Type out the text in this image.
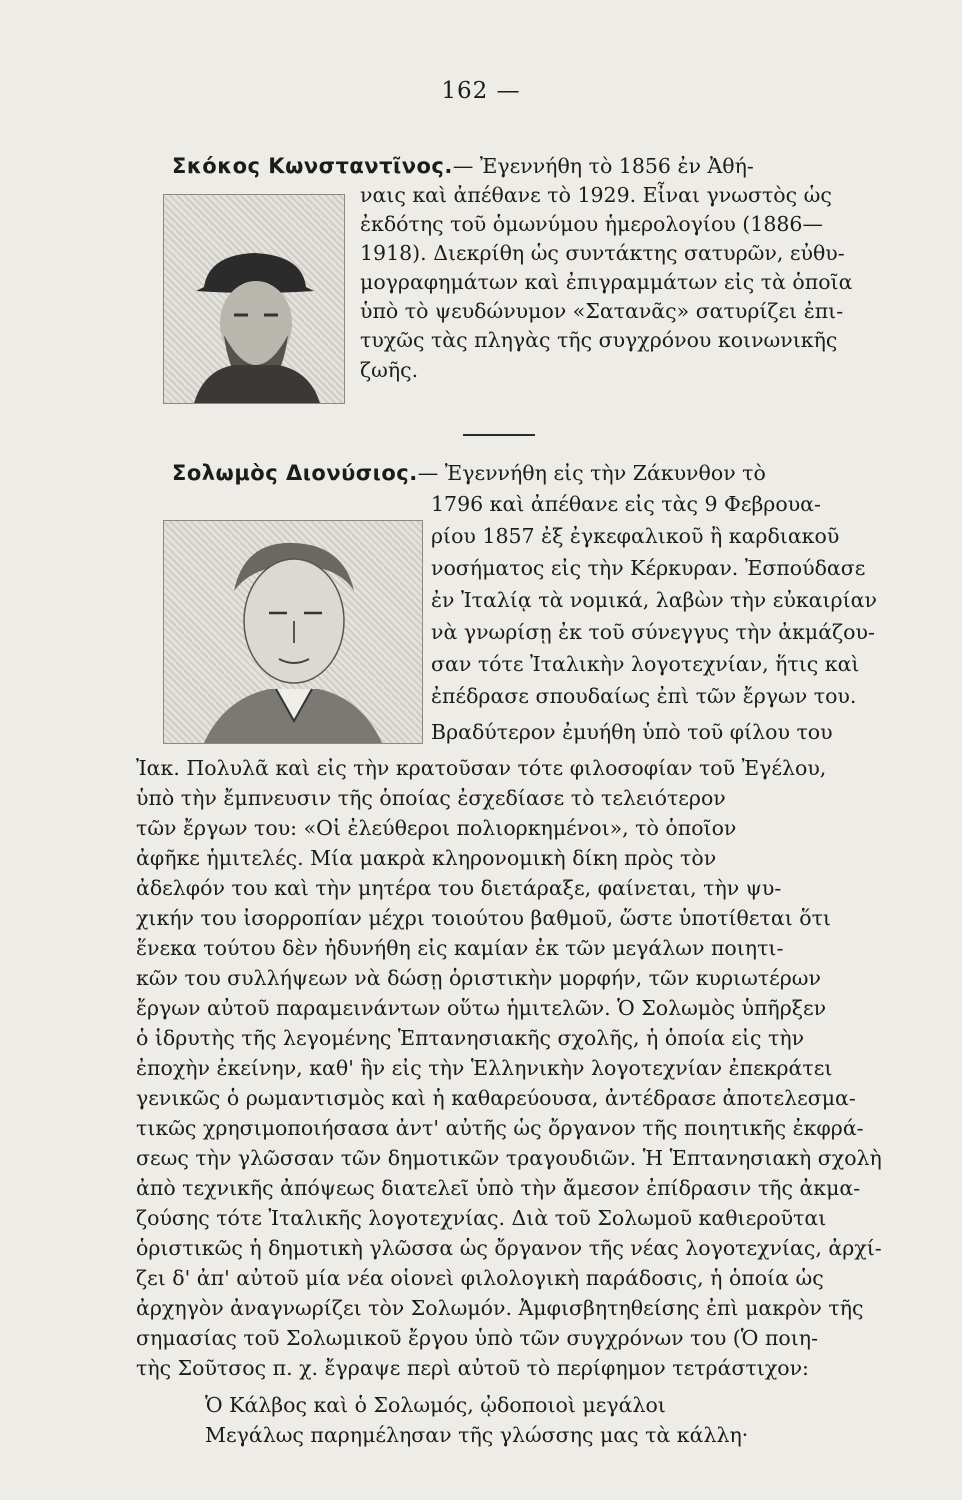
162 —
Σκόκος Κωνσταντῖνος.— Ἐγεννήθη τὸ 1856 ἐν Ἀθή-
ναις καὶ ἀπέθανε τὸ 1929. Εἶναι γνωστὸς ὡς
ἐκδότης τοῦ ὁμωνύμου ἡμερολογίου (1886—
1918). Διεκρίθη ὡς συντάκτης σατυρῶν, εὐθυ-
μογραφημάτων καὶ ἐπιγραμμάτων εἰς τὰ ὁποῖα
ὑπὸ τὸ ψευδώνυμον «Σατανᾶς» σατυρίζει ἐπι-
τυχῶς τὰς πληγὰς τῆς συγχρόνου κοινωνικῆς
ζωῆς.
Σολωμὸς Διονύσιος.— Ἐγεννήθη εἰς τὴν Ζάκυνθον τὸ
1796 καὶ ἀπέθανε εἰς τὰς 9 Φεβρουα-
ρίου 1857 ἐξ ἐγκεφαλικοῦ ἢ καρδιακοῦ
νοσήματος εἰς τὴν Κέρκυραν. Ἐσπούδασε
ἐν Ἰταλίᾳ τὰ νομικά, λαβὼν τὴν εὐκαιρίαν
νὰ γνωρίσῃ ἐκ τοῦ σύνεγγυς τὴν ἀκμάζου-
σαν τότε Ἰταλικὴν λογοτεχνίαν, ἥτις καὶ
ἐπέδρασε σπουδαίως ἐπὶ τῶν ἔργων του.
Βραδύτερον ἐμυήθη ὑπὸ τοῦ φίλου του
Ἰακ. Πολυλᾶ καὶ εἰς τὴν κρατοῦσαν τότε φιλοσοφίαν τοῦ Ἐγέλου,
ὑπὸ τὴν ἔμπνευσιν τῆς ὁποίας ἐσχεδίασε τὸ τελειότερον
τῶν ἔργων του: «Οἱ ἐλεύθεροι πολιορκημένοι», τὸ ὁποῖον
ἀφῆκε ἡμιτελές. Μία μακρὰ κληρονομικὴ δίκη πρὸς τὸν
ἀδελφόν του καὶ τὴν μητέρα του διετάραξε, φαίνεται, τὴν ψυ-
χικήν του ἰσορροπίαν μέχρι τοιούτου βαθμοῦ, ὥστε ὑποτίθεται ὅτι
ἕνεκα τούτου δὲν ἠδυνήθη εἰς καμίαν ἐκ τῶν μεγάλων ποιητι-
κῶν του συλλήψεων νὰ δώσῃ ὁριστικὴν μορφήν, τῶν κυριωτέρων
ἔργων αὐτοῦ παραμεινάντων οὕτω ἡμιτελῶν. Ὁ Σολωμὸς ὑπῆρξεν
ὁ ἱδρυτὴς τῆς λεγομένης Ἑπτανησιακῆς σχολῆς, ἡ ὁποία εἰς τὴν
ἐποχὴν ἐκείνην, καθ' ἣν εἰς τὴν Ἑλληνικὴν λογοτεχνίαν ἐπεκράτει
γενικῶς ὁ ρωμαντισμὸς καὶ ἡ καθαρεύουσα, ἀντέδρασε ἀποτελεσμα-
τικῶς χρησιμοποιήσασα ἀντ' αὐτῆς ὡς ὄργανον τῆς ποιητικῆς ἐκφρά-
σεως τὴν γλῶσσαν τῶν δημοτικῶν τραγουδιῶν. Ἡ Ἑπτανησιακὴ σχολὴ
ἀπὸ τεχνικῆς ἀπόψεως διατελεῖ ὑπὸ τὴν ἄμεσον ἐπίδρασιν τῆς ἀκμα-
ζούσης τότε Ἰταλικῆς λογοτεχνίας. Διὰ τοῦ Σολωμοῦ καθιεροῦται
ὁριστικῶς ἡ δημοτικὴ γλῶσσα ὡς ὄργανον τῆς νέας λογοτεχνίας, ἀρχί-
ζει δ' ἀπ' αὐτοῦ μία νέα οἱονεὶ φιλολογικὴ παράδοσις, ἡ ὁποία ὡς
ἀρχηγὸν ἀναγνωρίζει τὸν Σολωμόν. Ἀμφισβητηθείσης ἐπὶ μακρὸν τῆς
σημασίας τοῦ Σολωμικοῦ ἔργου ὑπὸ τῶν συγχρόνων του (Ὁ ποιη-
τὴς Σοῦτσος π. χ. ἔγραψε περὶ αὐτοῦ τὸ περίφημον τετράστιχον:
Ὁ Κάλβος καὶ ὁ Σολωμός, ᾠδοποιοὶ μεγάλοι
Μεγάλως παρημέλησαν τῆς γλώσσης μας τὰ κάλλη·
